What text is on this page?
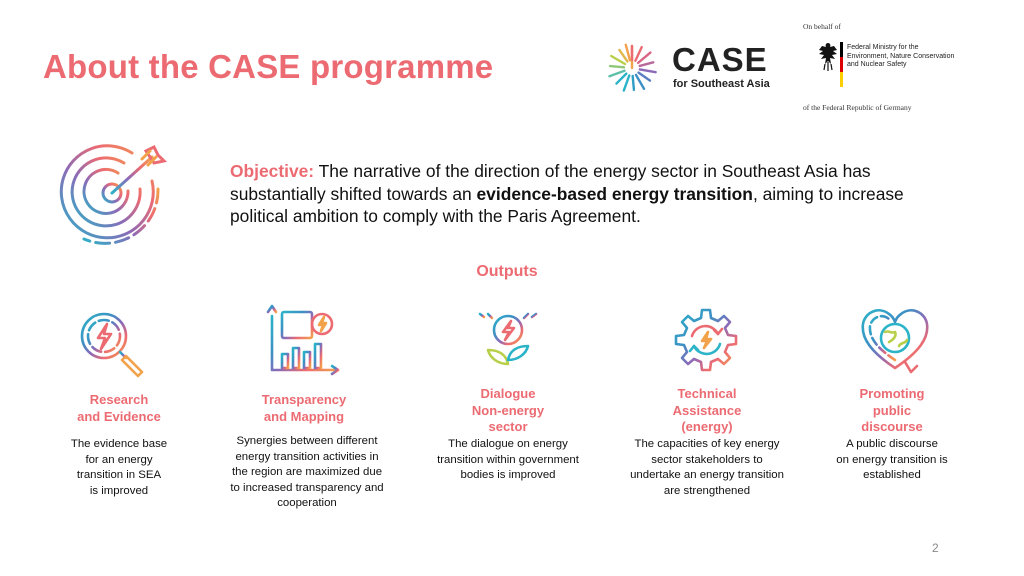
About the CASE programme	CASE
for Southeast Asia
On behalf of
Federal Ministry for the
Environment, Nature Conservation
and Nuclear Safety
of the Federal Republic of Germany
Objective: The narrative of the direction of the energy sector in Southeast Asia has substantially shifted towards an evidence-based energy transition, aiming to increase political ambition to comply with the Paris Agreement.
Outputs
Research
and Evidence
The evidence base
for an energy
transition in SEA
is improved
Transparency
and Mapping
Synergies between different
energy transition activities in
the region are maximized due
to increased transparency and
cooperation
Dialogue
Non-energy
sector
The dialogue on energy
transition within government
bodies is improved
Technical
Assistance
(energy)
The capacities of key energy
sector stakeholders to
undertake an energy transition
are strengthened
Promoting
public
discourse
A public discourse
on energy transition is
established
2
